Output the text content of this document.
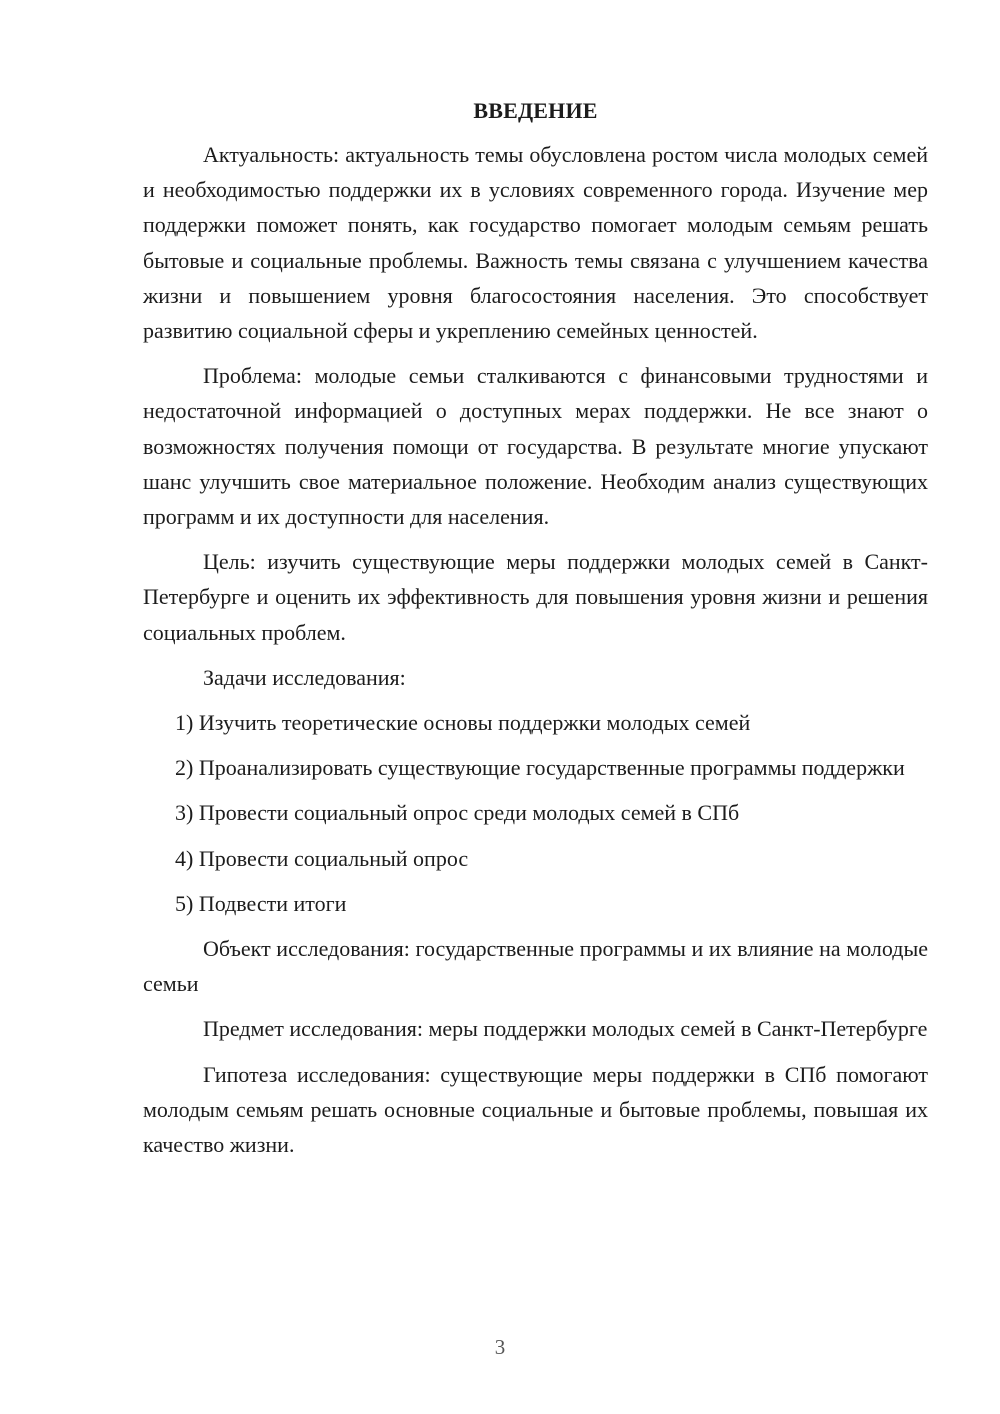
ВВЕДЕНИЕ

Актуальность: актуальность темы обусловлена ростом числа молодых семей и необходимостью поддержки их в условиях современного города. Изучение мер поддержки поможет понять, как государство помогает молодым семьям решать бытовые и социальные проблемы. Важность темы связана с улучшением качества жизни и повышением уровня благосостояния населения. Это способствует развитию социальной сферы и укреплению семейных ценностей.

Проблема: молодые семьи сталкиваются с финансовыми трудностями и недостаточной информацией о доступных мерах поддержки. Не все знают о возможностях получения помощи от государства. В результате многие упускают шанс улучшить свое материальное положение. Необходим анализ существующих программ и их доступности для населения.

Цель: изучить существующие меры поддержки молодых семей в Санкт-Петербурге и оценить их эффективность для повышения уровня жизни и решения социальных проблем.

Задачи исследования:

1) Изучить теоретические основы поддержки молодых семей

2) Проанализировать существующие государственные программы поддержки

3) Провести социальный опрос среди молодых семей в СПб

4) Провести социальный опрос

5) Подвести итоги

Объект исследования: государственные программы и их влияние на молодые семьи

Предмет исследования: меры поддержки молодых семей в Санкт-Петербурге

Гипотеза исследования: существующие меры поддержки в СПб помогают молодым семьям решать основные социальные и бытовые проблемы, повышая их качество жизни.

3
